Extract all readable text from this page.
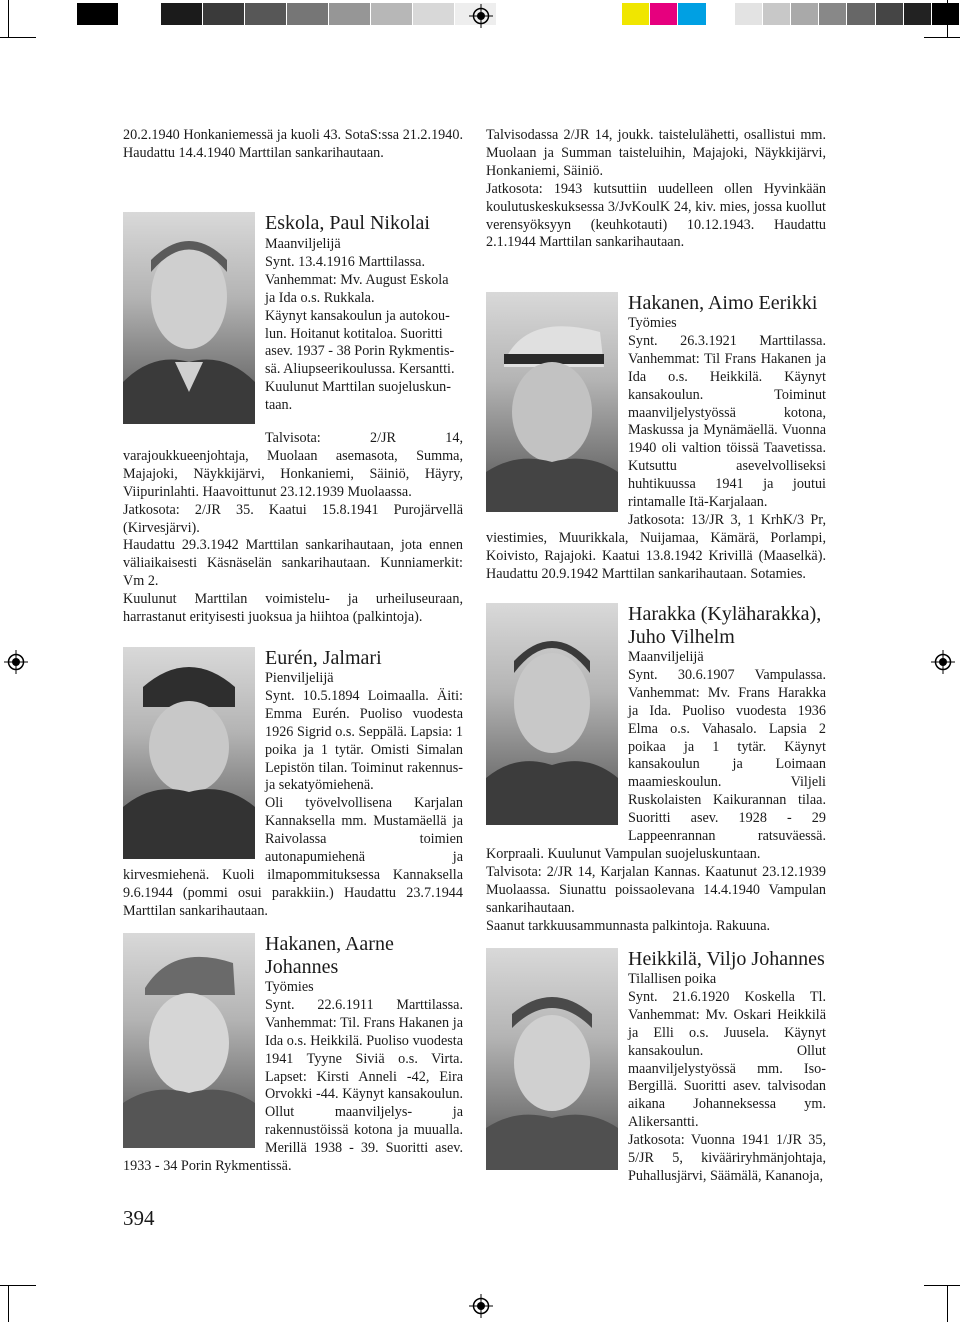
20.2.1940 Honkaniemessä ja kuoli 43. SotaS:ssa 21.2.1940. Haudattu 14.4.1940 Marttilan sankarihautaan.
Eskola, Paul Nikolai

Maanviljelijä

Synt. 13.4.1916 Marttilassa.

Vanhemmat: Mv. August Eskola

ja Ida o.s. Rukkala.

Käynyt kansakoulun ja autokou-

lun. Hoitanut kotitaloa. Suoritti

asev. 1937 - 38 Porin Rykmentis-

sä. Aliupseerikoulussa. Kersantti.

Kuulunut Marttilan suojeluskun-

taan.

Talvisota: 2/JR 14, varajoukkueenjohtaja, Muolaan asemasota, Summa, Majajoki, Näykkijärvi, Honkaniemi, Säiniö, Häyry, Viipurinlahti. Haavoittunut 23.12.1939 Muolaassa.

Jatkosota: 2/JR 35. Kaatui 15.8.1941 Purojärvellä (Kirvesjärvi).

Haudattu 29.3.1942 Marttilan sankarihautaan, jota ennen väliaikaisesti Käsnäselän sankarihautaan. Kunniamerkit: Vm 2.

Kuulunut Marttilan voimistelu- ja urheiluseuraan, harrastanut erityisesti juoksua ja hiihtoa (palkintoja).

Eurén, Jalmari

Pienviljelijä

Synt. 10.5.1894 Loimaalla. Äiti: Emma Eurén. Puoliso vuodesta 1926 Sigrid o.s. Seppälä. Lapsia: 1 poika ja 1 tytär. Omisti Simalan Lepistön tilan. Toiminut rakennus- ja sekatyömiehenä.

Oli työvelvollisena Karjalan Kannaksella mm. Mustamäellä ja Raivolassa toimien autonapumiehenä ja kirvesmiehenä. Kuoli ilmapommituksessa Kannaksella 9.6.1944 (pommi osui parakkiin.) Haudattu 23.7.1944 Marttilan sankarihautaan.

Hakanen, Aarne Johannes

Työmies

Synt. 22.6.1911 Marttilassa. Vanhemmat: Til. Frans Hakanen ja Ida o.s. Heikkilä. Puoliso vuodesta 1941 Tyyne Siviä o.s. Virta. Lapset: Kirsti Anneli -42, Eira Orvokki -44. Käynyt kansakoulun. Ollut maanviljelys- ja rakennustöissä kotona ja muualla. Merillä 1938 - 39. Suoritti asev. 1933 - 34 Porin Rykmentissä.

394

Talvisodassa 2/JR 14, joukk. taistelulähetti, osallistui mm. Muolaan ja Summan taisteluihin, Majajoki, Näykkijärvi, Honkaniemi, Säiniö.

Jatkosota: 1943 kutsuttiin uudelleen ollen Hyvinkään koulutuskeskuksessa 3/JvKoulK 24, kiv. mies, jossa kuollut verensyöksyyn (keuhkotauti) 10.12.1943. Haudattu 2.1.1944 Marttilan sankarihautaan.

Hakanen, Aimo Eerikki

Työmies

Synt. 26.3.1921 Marttilassa. Vanhemmat: Til Frans Hakanen ja Ida o.s. Heikkilä. Käynyt kansakoulun. Toiminut maanviljelystyössä kotona, Maskussa ja Mynämäellä. Vuonna 1940 oli valtion töissä Taavetissa. Kutsuttu asevelvolliseksi huhtikuussa 1941 ja joutui rintamalle Itä-Karjalaan.

Jatkosota: 13/JR 3, 1 KrhK/3 Pr, viestimies, Muurikkala, Nuijamaa, Kämärä, Porlampi, Koivisto, Rajajoki. Kaatui 13.8.1942 Krivillä (Maaselkä). Haudattu 20.9.1942 Marttilan sankarihautaan. Sotamies.

Harakka (Kyläharakka), Juho Vilhelm

Maanviljelijä

Synt. 30.6.1907 Vampulassa. Vanhemmat: Mv. Frans Harakka ja Ida. Puoliso vuodesta 1936 Elma o.s. Vahasalo. Lapsia 2 poikaa ja 1 tytär. Käynyt kansakoulun ja Loimaan maamieskoulun. Viljeli Ruskolaisten Kaikurannan tilaa. Suoritti asev. 1928 - 29 Lappeenrannan ratsuväessä. Korpraali. Kuulunut Vampulan suojeluskuntaan.

Talvisota: 2/JR 14, Karjalan Kannas. Kaatunut 23.12.1939 Muolaassa. Siunattu poissaolevana 14.4.1940 Vampulan sankarihautaan.

Saanut tarkkuusammunnasta palkintoja. Rakuuna.

Heikkilä, Viljo Johannes

Tilallisen poika

Synt. 21.6.1920 Koskella Tl. Vanhemmat: Mv. Oskari Heikkilä ja Elli o.s. Juusela. Käynyt kansakoulun. Ollut maanviljelystyössä mm. Iso-Bergillä. Suoritti asev. talvisodan aikana Johanneksessa ym. Alikersantti.

Jatkosota: Vuonna 1941 1/JR 35, 5/JR 5, kivääriryhmänjohtaja, Puhallusjärvi, Säämälä, Kananoja,
